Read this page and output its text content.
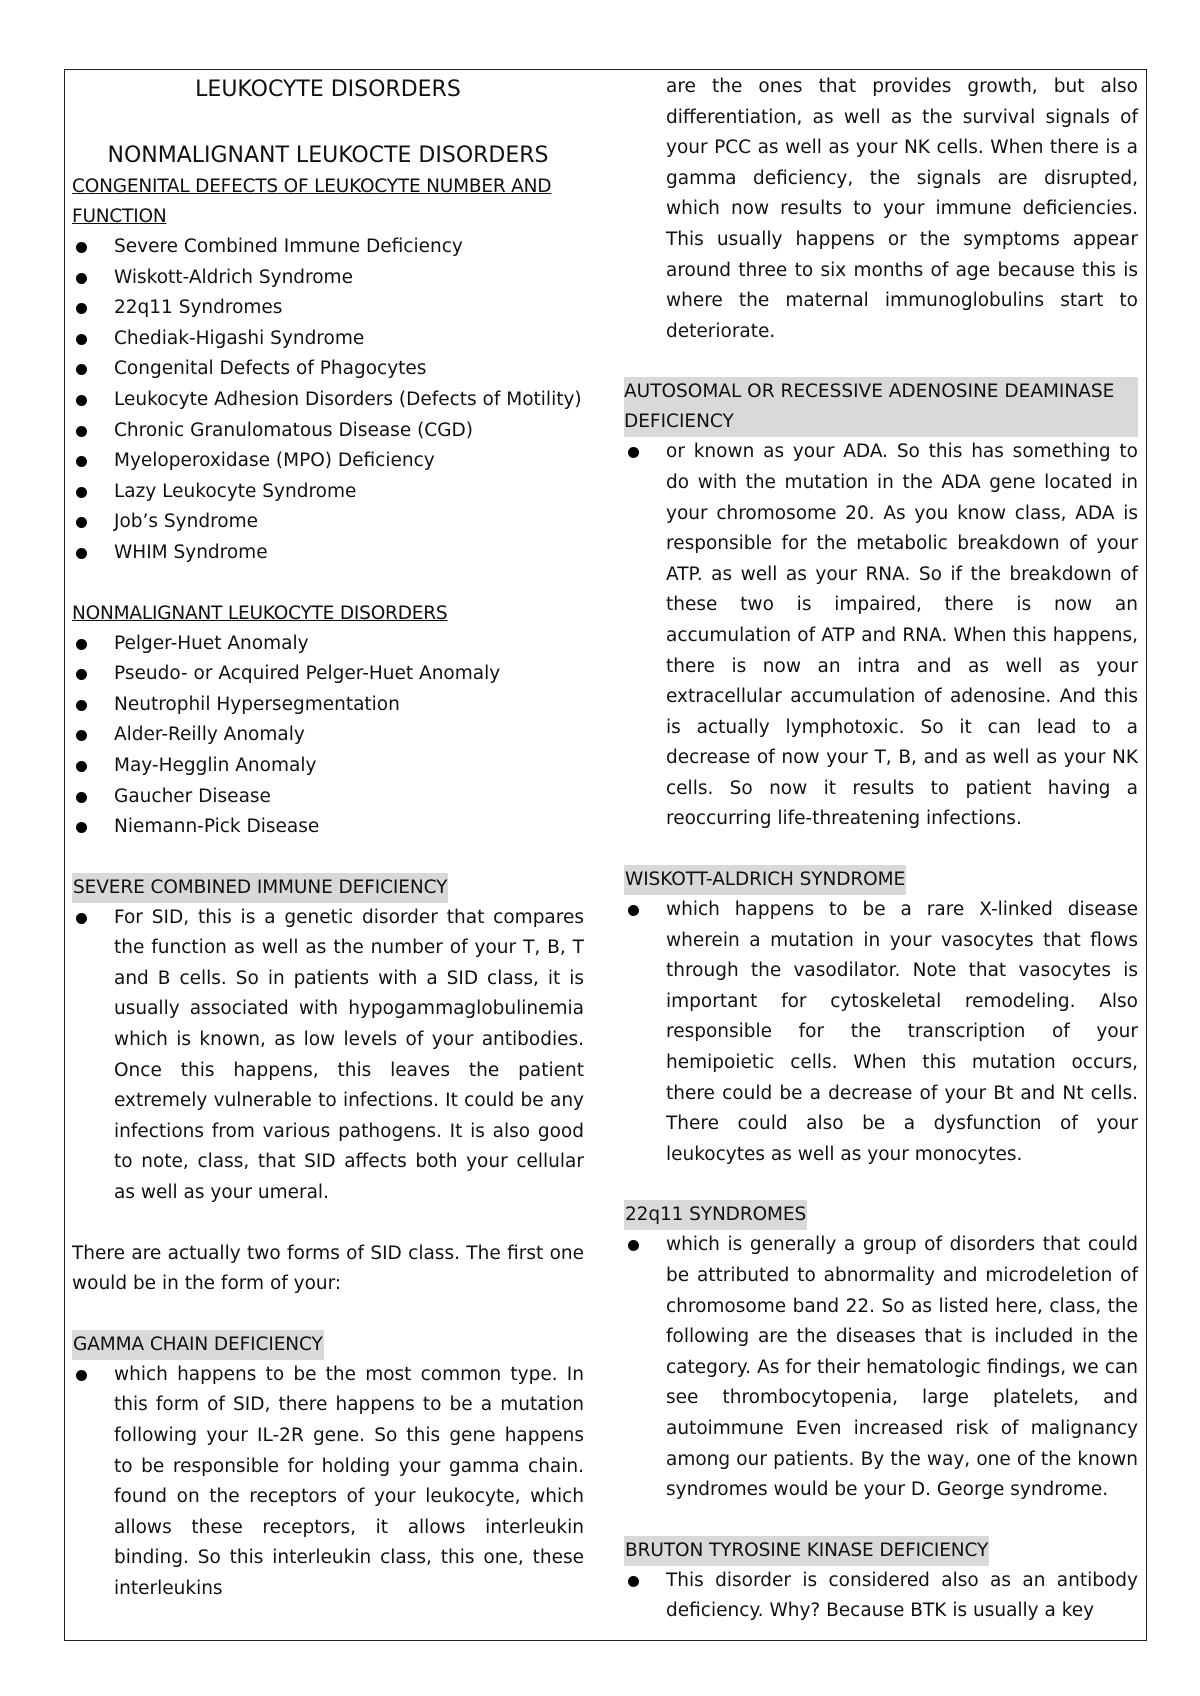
LEUKOCYTE DISORDERS
NONMALIGNANT LEUKOCTE DISORDERS
CONGENITAL DEFECTS OF LEUKOCYTE NUMBER AND FUNCTION
Severe Combined Immune Deficiency
Wiskott-Aldrich Syndrome
22q11 Syndromes
Chediak-Higashi Syndrome
Congenital Defects of Phagocytes
Leukocyte Adhesion Disorders (Defects of Motility)
Chronic Granulomatous Disease (CGD)
Myeloperoxidase (MPO) Deficiency
Lazy Leukocyte Syndrome
Job’s Syndrome
WHIM Syndrome
NONMALIGNANT LEUKOCYTE DISORDERS
Pelger-Huet Anomaly
Pseudo- or Acquired Pelger-Huet Anomaly
Neutrophil Hypersegmentation
Alder-Reilly Anomaly
May-Hegglin Anomaly
Gaucher Disease
Niemann-Pick Disease
SEVERE COMBINED IMMUNE DEFICIENCY
For SID, this is a genetic disorder that compares the function as well as the number of your T, B, T and B cells. So in patients with a SID class, it is usually associated with hypogammaglobulinemia which is known, as low levels of your antibodies. Once this happens, this leaves the patient extremely vulnerable to infections. It could be any infections from various pathogens. It is also good to note, class, that SID affects both your cellular as well as your umeral.

There are actually two forms of SID class. The first one would be in the form of your:

GAMMA CHAIN DEFICIENCY
which happens to be the most common type. In this form of SID, there happens to be a mutation following your IL-2R gene. So this gene happens to be responsible for holding your gamma chain. found on the receptors of your leukocyte, which allows these receptors, it allows interleukin binding. So this interleukin class, this one, these interleukins

are the ones that provides growth, but also differentiation, as well as the survival signals of your PCC as well as your NK cells. When there is a gamma deficiency, the signals are disrupted, which now results to your immune deficiencies. This usually happens or the symptoms appear around three to six months of age because this is where the maternal immunoglobulins start to deteriorate.

AUTOSOMAL OR RECESSIVE ADENOSINE DEAMINASE DEFICIENCY

or known as your ADA. So this has something to do with the mutation in the ADA gene located in your chromosome 20. As you know class, ADA is responsible for the metabolic breakdown of your ATP. as well as your RNA. So if the breakdown of these two is impaired, there is now an accumulation of ATP and RNA. When this happens, there is now an intra and as well as your extracellular accumulation of adenosine. And this is actually lymphotoxic. So it can lead to a decrease of now your T, B, and as well as your NK cells. So now it results to patient having a reoccurring life-threatening infections.
WISKOTT-ALDRICH SYNDROME
which happens to be a rare X-linked disease wherein a mutation in your vasocytes that flows through the vasodilator. Note that vasocytes is important for cytoskeletal remodeling. Also responsible for the transcription of your hemipoietic cells. When this mutation occurs, there could be a decrease of your Bt and Nt cells. There could also be a dysfunction of your leukocytes as well as your monocytes.
22q11 SYNDROMES
which is generally a group of disorders that could be attributed to abnormality and microdeletion of chromosome band 22. So as listed here, class, the following are the diseases that is included in the category. As for their hematologic findings, we can see thrombocytopenia, large platelets, and autoimmune Even increased risk of malignancy among our patients. By the way, one of the known syndromes would be your D. George syndrome.
BRUTON TYROSINE KINASE DEFICIENCY
This disorder is considered also as an antibody deficiency. Why? Because BTK is usually a key
